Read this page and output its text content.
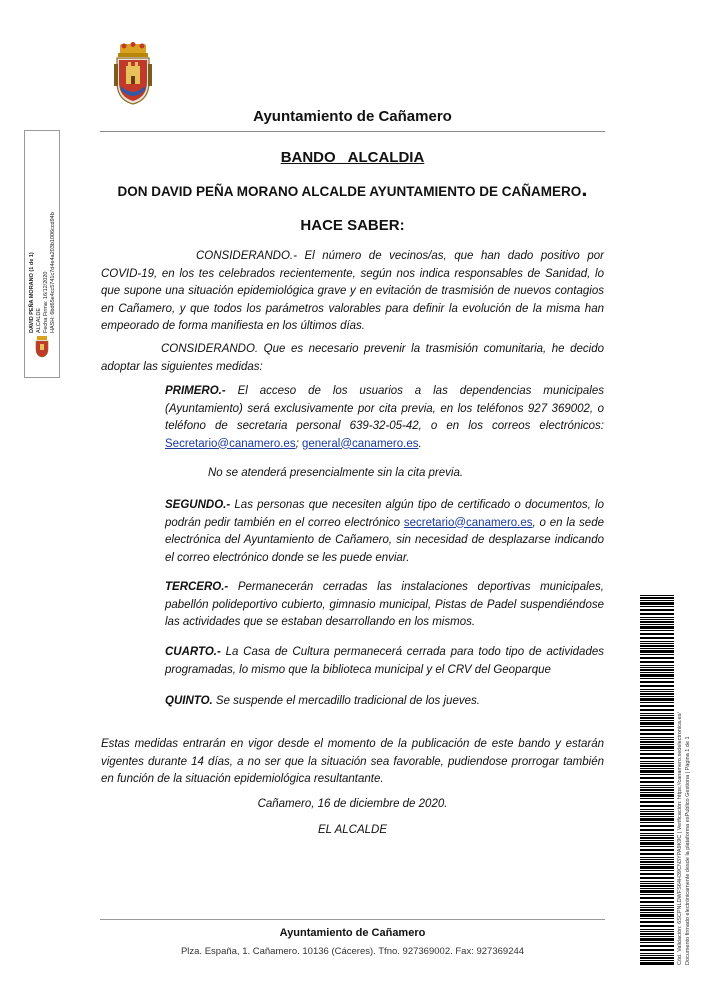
Ayuntamiento de Cañamero
BANDO   ALCALDIA
DON DAVID PEÑA MORANO ALCALDE AYUNTAMIENTO DE CAÑAMERO.
HACE SABER:
CONSIDERANDO.- El número de vecinos/as, que han dado positivo por COVID-19, en los tes celebrados recientemente, según nos indica responsables de Sanidad, lo que supone una situación epidemiológica grave y en evitación de trasmisión de nuevos contagios en Cañamero, y que todos los parámetros valorables para definir la evolución de la misma han empeorado de forma manifiesta en los últimos días.
CONSIDERANDO. Que es necesario prevenir la trasmisión comunitaria, he decido adoptar las siguientes medidas:
PRIMERO.- El acceso de los usuarios a las dependencias municipales (Ayuntamiento) será exclusivamente por cita previa, en los teléfonos 927 369002, o teléfono de secretaria personal 639-32-05-42, o en los correos electrónicos: Secretario@canamero.es; general@canamero.es.
No se atenderá presencialmente sin la cita previa.
SEGUNDO.- Las personas que necesiten algún tipo de certificado o documentos, lo podrán pedir también en el correo electrónico secretario@canamero.es, o en la sede electrónica del Ayuntamiento de Cañamero, sin necesidad de desplazarse indicando el correo electrónico donde se les puede enviar.
TERCERO.- Permanecerán cerradas las instalaciones deportivas municipales, pabellón polideportivo cubierto, gimnasio municipal, Pistas de Padel suspendiéndose las actividades que se estaban desarrollando en los mismos.
CUARTO.- La Casa de Cultura permanecerá cerrada para todo tipo de actividades programadas, lo mismo que la biblioteca municipal y el CRV del Geoparque
QUINTO. Se suspende el mercadillo tradicional de los jueves.
Estas medidas entrarán en vigor desde el momento de la publicación de este bando y estarán vigentes durante 14 días, a no ser que la situación sea favorable, pudiendose prorrogar también en función de la situación epidemiológica resultantante.
Cañamero, 16 de diciembre de 2020.
EL ALCALDE
Ayuntamiento de Cañamero
Plza. España, 1. Cañamero. 10136 (Cáceres). Tfno. 927369002. Fax: 927369244
DAVID PEÑA MORANO (1 de 1) ALCALDE Fecha Firma: 16/12/2020 HASH: 6bd65e4cc5741c7d4e4a203b1006ccd94b
Cód. Validación: 6SCPNLDWFS64H39CN3YPA9K9C | Verificación: https://canamero.sedelectronica.es/ Documento firmado electrónicamente desde la plataforma esPublico Gestiona | Página 1 de 1
